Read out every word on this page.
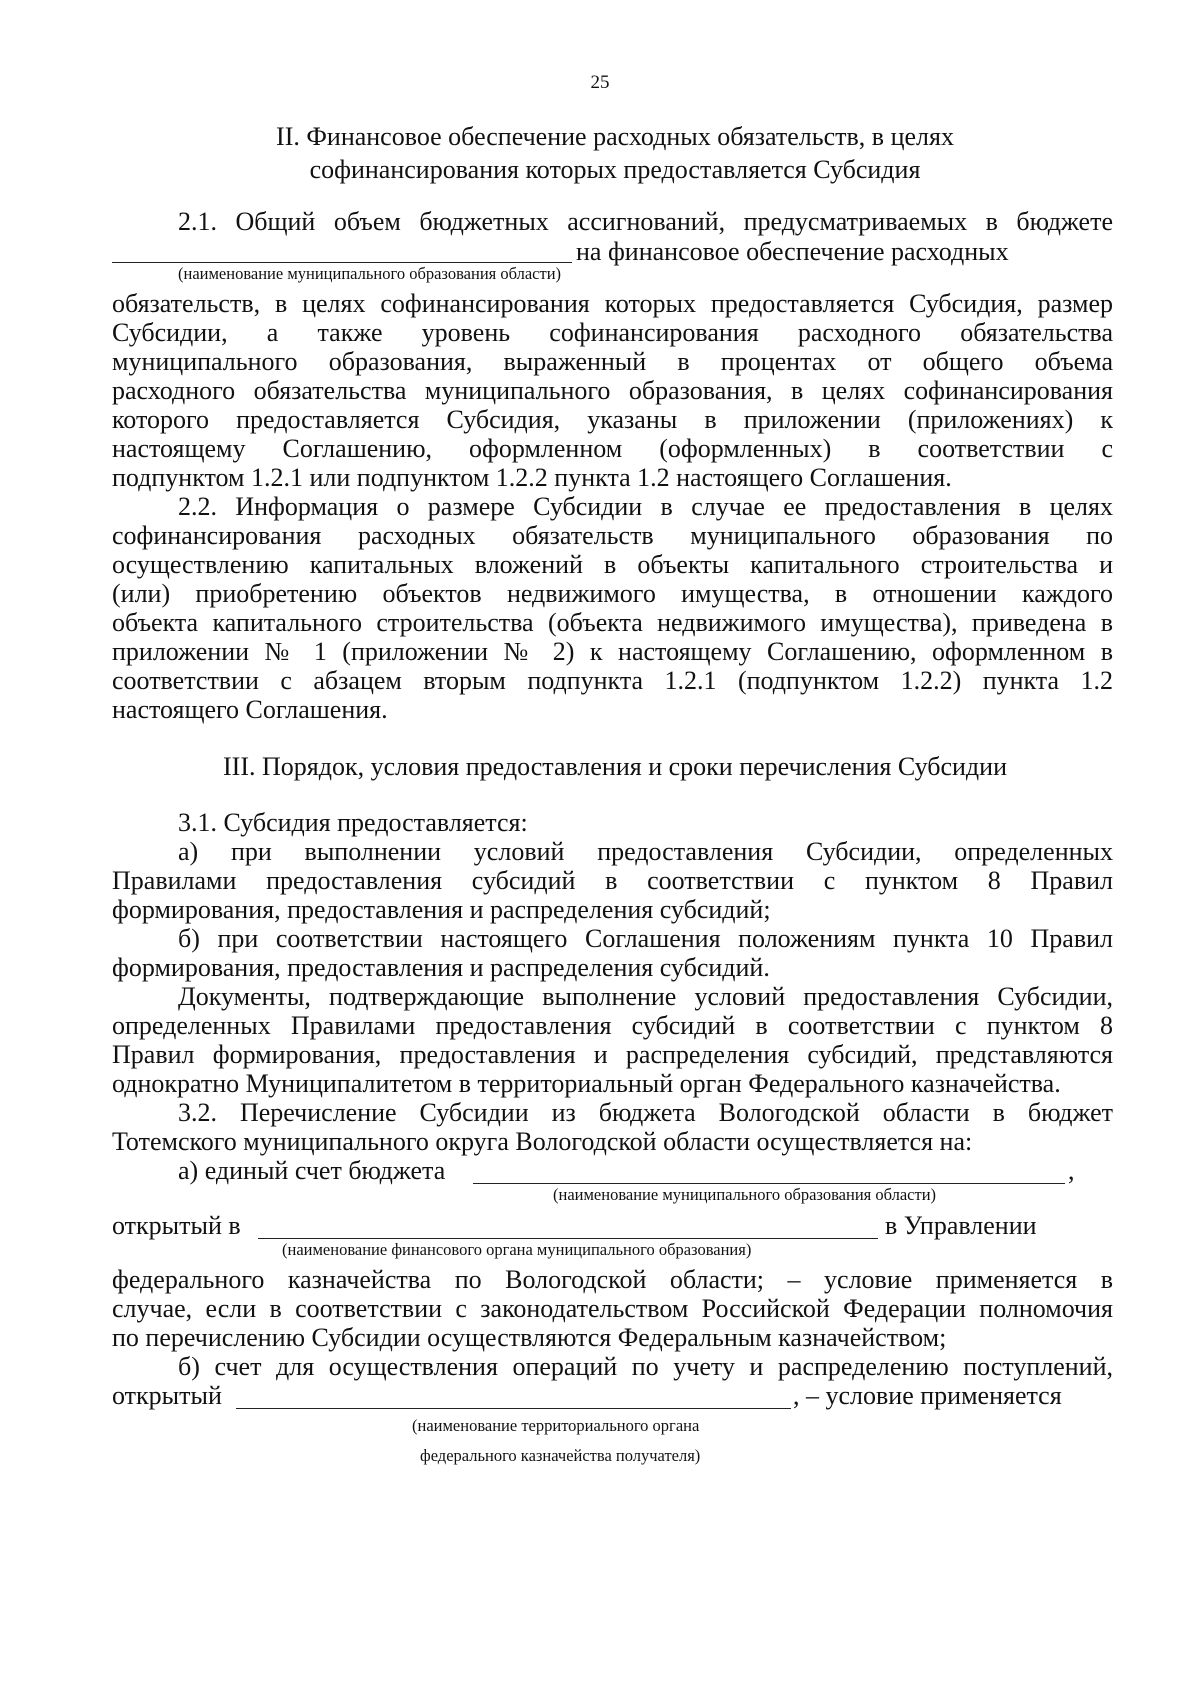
25
II. Финансовое обеспечение расходных обязательств, в целях
софинансирования которых предоставляется Субсидия
2.1. Общий объем бюджетных ассигнований, предусматриваемых в бюджете
на финансовое обеспечение расходных
(наименование муниципального образования области)
обязательств, в целях софинансирования которых предоставляется Субсидия, размер
Субсидии, а также уровень софинансирования расходного обязательства
муниципального образования, выраженный в процентах от общего объема
расходного обязательства муниципального образования, в целях софинансирования
которого предоставляется Субсидия, указаны в приложении (приложениях) к
настоящему Соглашению, оформленном (оформленных) в соответствии с
подпунктом 1.2.1 или подпунктом 1.2.2 пункта 1.2 настоящего Соглашения.
2.2. Информация о размере Субсидии в случае ее предоставления в целях
софинансирования расходных обязательств муниципального образования по
осуществлению капитальных вложений в объекты капитального строительства и
(или) приобретению объектов недвижимого имущества, в отношении каждого
объекта капитального строительства (объекта недвижимого имущества), приведена в
приложении № 1 (приложении № 2) к настоящему Соглашению, оформленном в
соответствии с абзацем вторым подпункта 1.2.1 (подпунктом 1.2.2) пункта 1.2
настоящего Соглашения.
III. Порядок, условия предоставления и сроки перечисления Субсидии
3.1. Субсидия предоставляется:
а) при выполнении условий предоставления Субсидии, определенных
Правилами предоставления субсидий в соответствии с пунктом 8 Правил
формирования, предоставления и распределения субсидий;
б) при соответствии настоящего Соглашения положениям пункта 10 Правил
формирования, предоставления и распределения субсидий.
Документы, подтверждающие выполнение условий предоставления Субсидии,
определенных Правилами предоставления субсидий в соответствии с пунктом 8
Правил формирования, предоставления и распределения субсидий, представляются
однократно Муниципалитетом в территориальный орган Федерального казначейства.
3.2. Перечисление Субсидии из бюджета Вологодской области в бюджет
Тотемского муниципального округа Вологодской области осуществляется на:
а) единый счет бюджета	,
(наименование муниципального образования области)
открытый в	в Управлении
(наименование финансового органа муниципального образования)
федерального казначейства по Вологодской области; – условие применяется в
случае, если в соответствии с законодательством Российской Федерации полномочия
по перечислению Субсидии осуществляются Федеральным казначейством;
б) счет для осуществления операций по учету и распределению поступлений,
открытый	, – условие применяется
(наименование территориального органа
федерального казначейства получателя)
